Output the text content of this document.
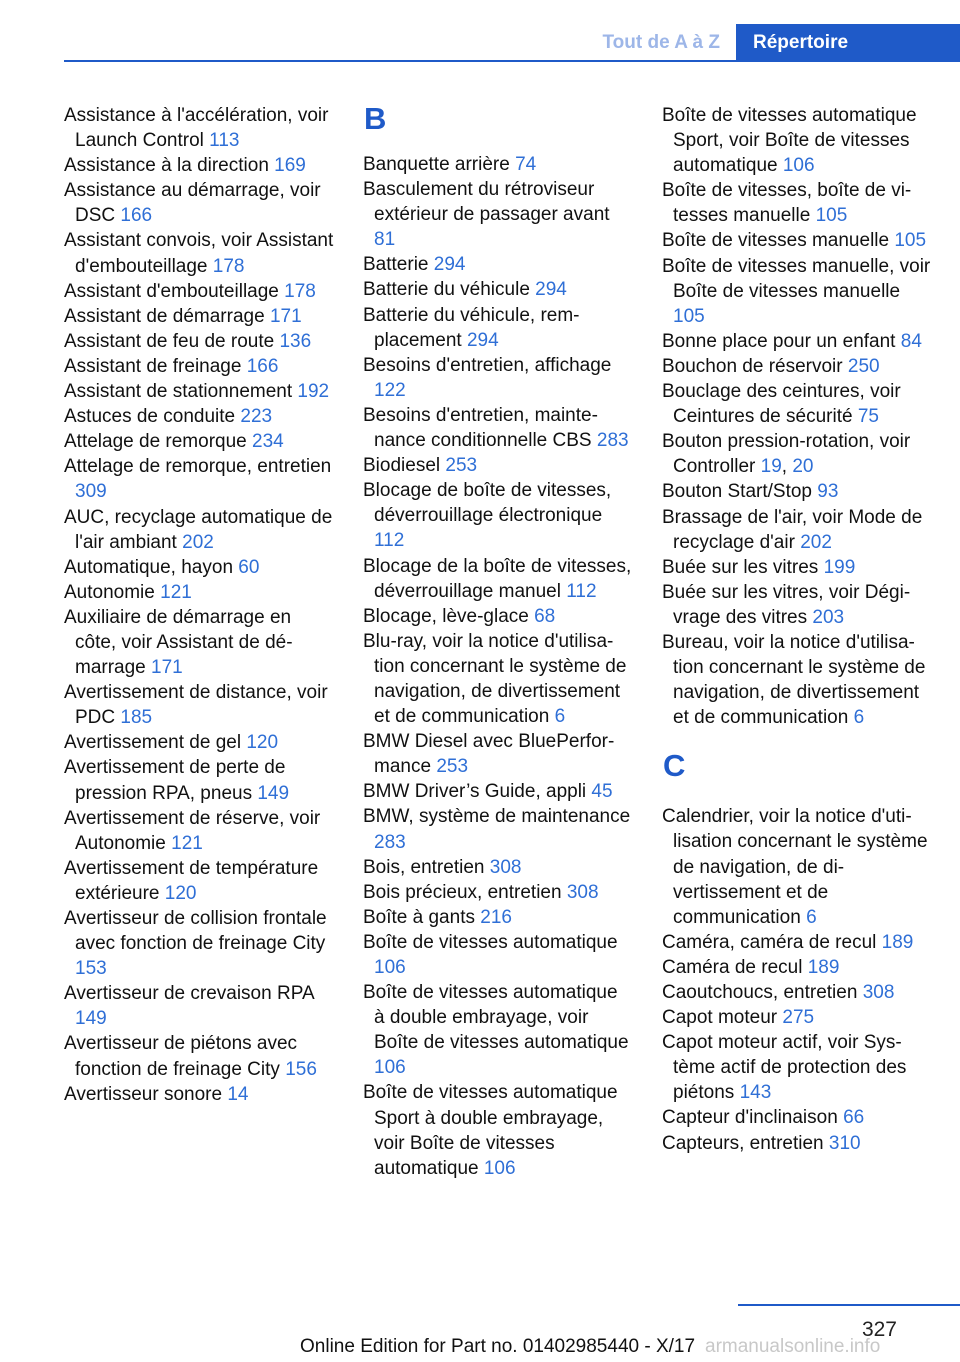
Tout de A à Z	Répertoire
Assistance à l'accélération, voir Launch Control 113
Assistance à la direction 169
Assistance au démarrage, voir DSC 166
Assistant convois, voir Assistant d'embouteillage 178
Assistant d'embouteillage 178
Assistant de démarrage 171
Assistant de feu de route 136
Assistant de freinage 166
Assistant de stationnement 192
Astuces de conduite 223
Attelage de remorque 234
Attelage de remorque, entretien 309
AUC, recyclage automatique de l'air ambiant 202
Automatique, hayon 60
Autonomie 121
Auxiliaire de démarrage en côte, voir Assistant de démarrage 171
Avertissement de distance, voir PDC 185
Avertissement de gel 120
Avertissement de perte de pression RPA, pneus 149
Avertissement de réserve, voir Autonomie 121
Avertissement de température extérieure 120
Avertisseur de collision frontale avec fonction de freinage City 153
Avertisseur de crevaison RPA 149
Avertisseur de piétons avec fonction de freinage City 156
Avertisseur sonore 14
B
Banquette arrière 74
Basculement du rétroviseur extérieur de passager avant 81
Batterie 294
Batterie du véhicule 294
Batterie du véhicule, remplacement 294
Besoins d'entretien, affichage 122
Besoins d'entretien, maintenance conditionnelle CBS 283
Biodiesel 253
Blocage de boîte de vitesses, déverrouillage électronique 112
Blocage de la boîte de vitesses, déverrouillage manuel 112
Blocage, lève-glace 68
Blu-ray, voir la notice d'utilisation concernant le système de navigation, de divertissement et de communication 6
BMW Diesel avec BluePerformance 253
BMW Driver’s Guide, appli 45
BMW, système de maintenance 283
Bois, entretien 308
Bois précieux, entretien 308
Boîte à gants 216
Boîte de vitesses automatique 106
Boîte de vitesses automatique à double embrayage, voir Boîte de vitesses automatique 106
Boîte de vitesses automatique Sport à double embrayage, voir Boîte de vitesses automatique 106
Boîte de vitesses automatique Sport, voir Boîte de vitesses automatique 106
Boîte de vitesses, boîte de vitesses manuelle 105
Boîte de vitesses manuelle 105
Boîte de vitesses manuelle, voir Boîte de vitesses manuelle 105
Bonne place pour un enfant 84
Bouchon de réservoir 250
Bouclage des ceintures, voir Ceintures de sécurité 75
Bouton pression-rotation, voir Controller 19, 20
Bouton Start/Stop 93
Brassage de l'air, voir Mode de recyclage d'air 202
Buée sur les vitres 199
Buée sur les vitres, voir Dégivrage des vitres 203
Bureau, voir la notice d'utilisation concernant le système de navigation, de divertissement et de communication 6
C
Calendrier, voir la notice d'utilisation concernant le système de navigation, de divertissement et de communication 6
Caméra, caméra de recul 189
Caméra de recul 189
Caoutchoucs, entretien 308
Capot moteur 275
Capot moteur actif, voir Système actif de protection des piétons 143
Capteur d'inclinaison 66
Capteurs, entretien 310
327
Online Edition for Part no. 01402985440 - X/17 armanualsonline.info
